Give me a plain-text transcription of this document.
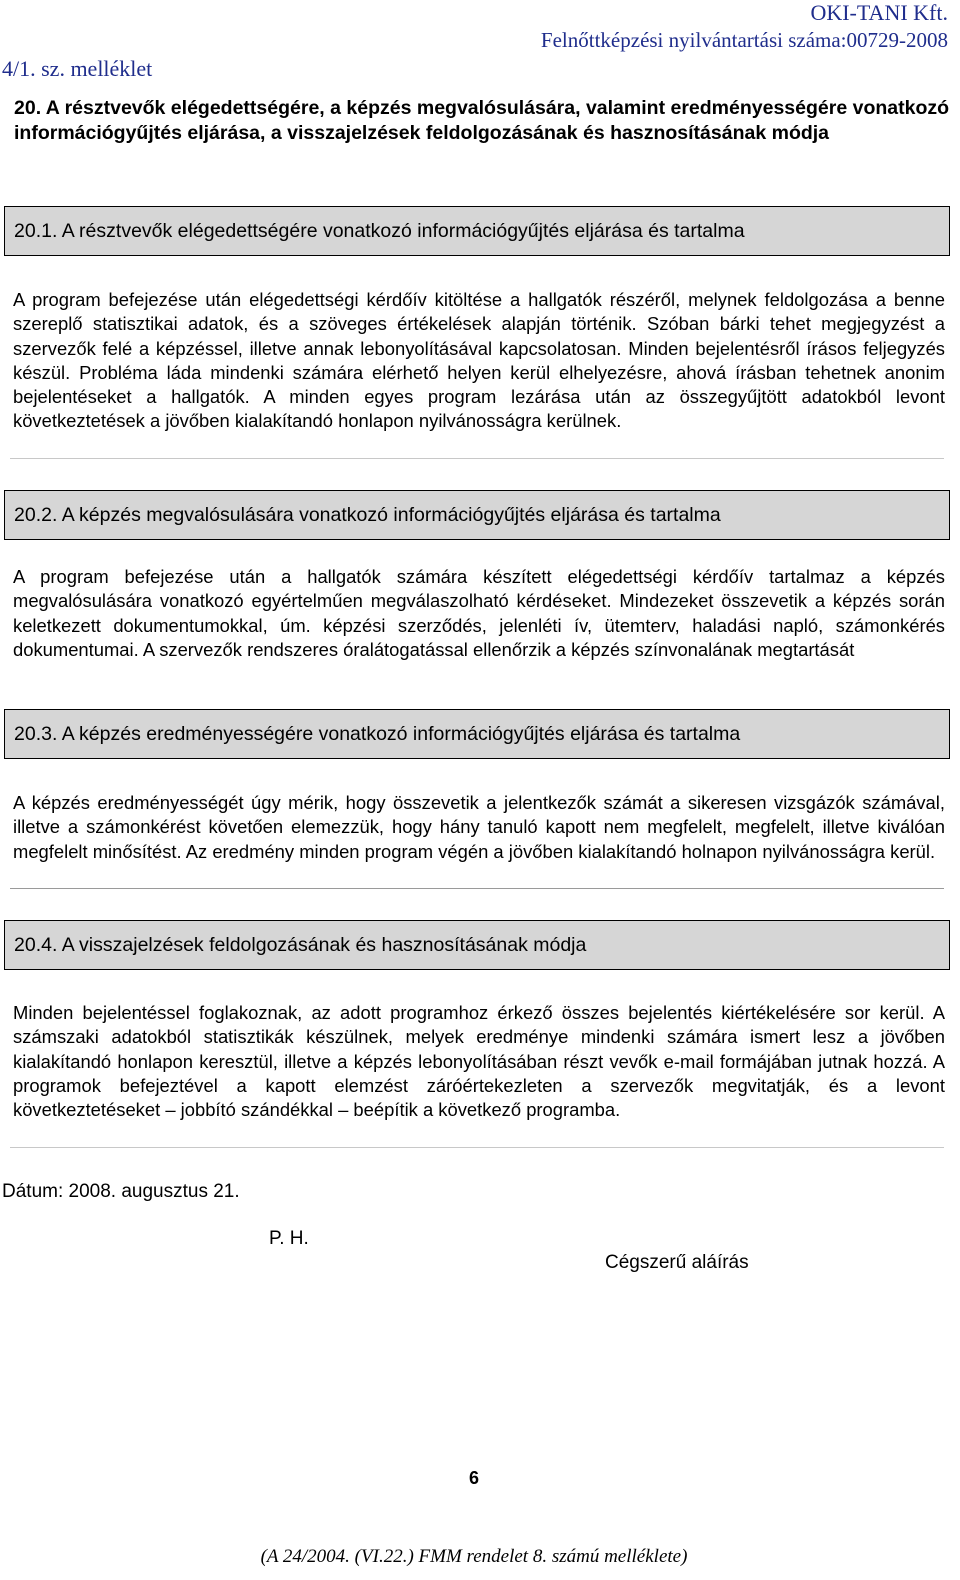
OKI-TANI Kft.
Felnőttképzési nyilvántartási száma:00729-2008
4/1. sz. melléklet
20. A résztvevők elégedettségére, a képzés megvalósulására, valamint eredményességére vonatkozó információgyűjtés eljárása, a visszajelzések feldolgozásának és hasznosításának módja
20.1. A résztvevők elégedettségére vonatkozó információgyűjtés eljárása és tartalma
A program befejezése után elégedettségi kérdőív kitöltése a hallgatók részéről, melynek feldolgozása a benne szereplő statisztikai adatok, és a szöveges értékelések alapján történik. Szóban bárki tehet megjegyzést a szervezők felé a képzéssel, illetve annak lebonyolításával kapcsolatosan. Minden bejelentésről írásos feljegyzés készül. Probléma láda mindenki számára elérhető helyen kerül elhelyezésre, ahová írásban tehetnek anonim bejelentéseket a hallgatók. A minden egyes program lezárása után az összegyűjtött adatokból levont következtetések a jövőben kialakítandó honlapon nyilvánosságra kerülnek.
20.2. A képzés megvalósulására vonatkozó információgyűjtés eljárása és tartalma
A program befejezése után a hallgatók számára készített elégedettségi kérdőív tartalmaz a képzés megvalósulására vonatkozó egyértelműen megválaszolható kérdéseket. Mindezeket összevetik a képzés során keletkezett dokumentumokkal, úm. képzési szerződés, jelenléti ív, ütemterv, haladási napló, számonkérés dokumentumai. A szervezők rendszeres óralátogatással ellenőrzik a képzés színvonalának megtartását
20.3. A képzés eredményességére vonatkozó információgyűjtés eljárása és tartalma
A képzés eredményességét úgy mérik, hogy összevetik a jelentkezők számát a sikeresen vizsgázók számával, illetve a számonkérést követően elemezzük, hogy hány tanuló kapott nem megfelelt, megfelelt, illetve kiválóan megfelelt minősítést. Az eredmény minden program végén a jövőben kialakítandó holnapon nyilvánosságra kerül.
20.4. A visszajelzések feldolgozásának és hasznosításának módja
Minden bejelentéssel foglakoznak, az adott programhoz érkező összes bejelentés kiértékelésére sor kerül. A számszaki adatokból statisztikák készülnek, melyek eredménye mindenki számára ismert lesz a jövőben kialakítandó honlapon keresztül, illetve a képzés lebonyolításában részt vevők e-mail formájában jutnak hozzá. A programok befejeztével a kapott elemzést záróértekezleten a szervezők megvitatják, és a levont következtetéseket – jobbító szándékkal – beépítik a következő programba.
Dátum: 2008. augusztus 21.
P. H.
Cégszerű aláírás
6
(A 24/2004. (VI.22.) FMM rendelet 8. számú melléklete)
